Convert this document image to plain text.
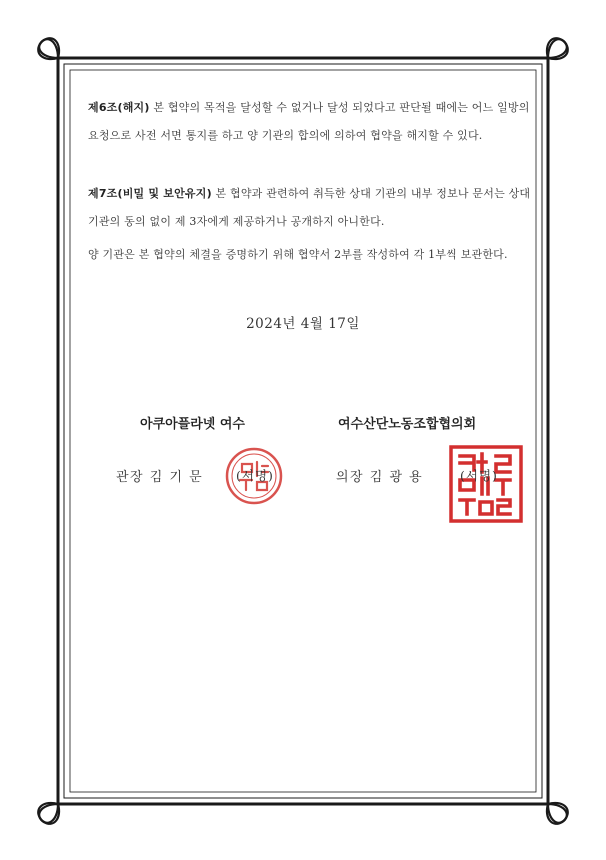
제6조(해지) 본 협약의 목적을 달성할 수 없거나 달성 되었다고 판단될 때에는 어느 일방의 요청으로 사전 서면 통지를 하고 양 기관의 합의에 의하여 협약을 해지할 수 있다.
제7조(비밀 및 보안유지) 본 협약과 관련하여 취득한 상대 기관의 내부 정보나 문서는 상대기관의 동의 없이 제 3자에게 제공하거나 공개하지 아니한다.
양 기관은 본 협약의 체결을 증명하기 위해 협약서 2부를 작성하여 각 1부씩 보관한다.
2024년 4월 17일
아쿠아플라넷 여수	여수산단노동조합협의회
관장 김 기 문	의장 김 광 용
(서명)	(서명)
